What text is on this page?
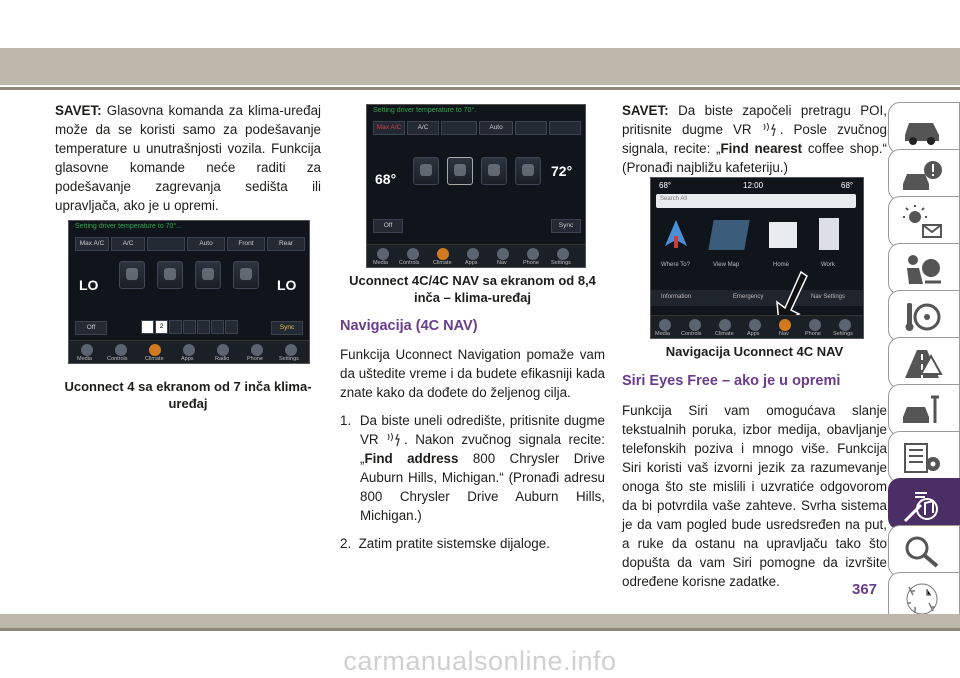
SAVET: Glasovna komanda za klima-uređaj može da se koristi samo za podešavanje temperature u unutrašnjosti vozila. Funkcija glasovne komande neće raditi za podešavanje zagrevanja sedišta ili upravljača, ako je u opremi.

Setting driver temperature to 70°...
Max A/C	A/C	Auto	Front	Rear
LO	LO
Off	2	Sync
Media	Controls	Climate	Apps	Radio	Phone	Settings
Uconnect 4 sa ekranom od 7 inča klima-uređaj
Setting driver temperature to 70°.
Max A/C	A/C	Auto
68°	72°
Off	Sync
Media Controls Climate Apps	Nav	Phone Settings
Uconnect 4C/4C NAV sa ekranom od 8,4 inča – klima-uređaj

Navigacija (4C NAV)

Funkcija Uconnect Navigation pomaže vam da uštedite vreme i da budete efikasniji kada znate kako da dođete do željenog cilja.

1. Da biste uneli odredište, pritisnite dugme VR . Nakon zvučnog signala recite: „Find address 800 Chrysler Drive Auburn Hills, Michigan.“ (Pronađi adresu 800 Chrysler Drive Auburn Hills, Michigan.)

2. Zatim pratite sistemske dijaloge.

SAVET: Da biste započeli pretragu POI, pritisnite dugme VR . Posle zvučnog signala, recite: „Find nearest coffee shop.“ (Pronađi najbližu kafeteriju.)

68°	12:00	68°
Search All
Where To?	View Map	Home	Work
Information	Emergency	Nav Settings
Media Controls Climate Apps	Nav	Phone Settings
Navigacija Uconnect 4C NAV

Siri Eyes Free – ako je u opremi

Funkcija Siri vam omogućava slanje tekstualnih poruka, izbor medija, obavljanje telefonskih poziva i mnogo više. Funkcija Siri koristi vaš izvorni jezik za razumevanje onoga što ste mislili i uzvratiće odgovorom da bi potvrdila vaše zahteve. Svrha sistema je da vam pogled bude usredsređen na put, a ruke da ostanu na upravljaču tako što dopušta da vam Siri pomogne da izvršite određene korisne zadatke.	367
carmanualsonline.info
